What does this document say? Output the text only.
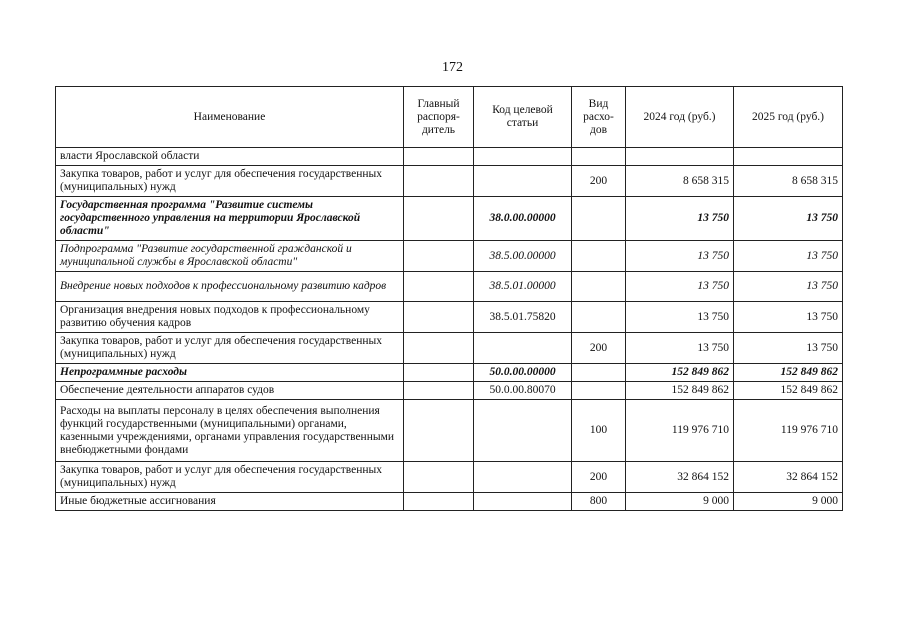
172
Наименование	Главный распоря-дитель	Код целевой статьи	Вид расхо-дов	2024 год (руб.)	2025 год (руб.)
власти Ярославской области					
Закупка товаров, работ и услуг для обеспечения государственных (муниципальных) нужд			200	8 658 315	8 658 315
Государственная программа "Развитие системы государственного управления на территории Ярославской области"		38.0.00.00000		13 750	13 750
Подпрограмма "Развитие государственной гражданской и муниципальной службы в Ярославской области"		38.5.00.00000		13 750	13 750
Внедрение новых подходов к профессиональному развитию кадров		38.5.01.00000		13 750	13 750
Организация внедрения новых подходов к профессиональному развитию обучения кадров		38.5.01.75820		13 750	13 750
Закупка товаров, работ и услуг для обеспечения государственных (муниципальных) нужд			200	13 750	13 750
Непрограммные расходы		50.0.00.00000		152 849 862	152 849 862
Обеспечение деятельности аппаратов судов		50.0.00.80070		152 849 862	152 849 862
Расходы на выплаты персоналу в целях обеспечения выполнения функций государственными (муниципальными) органами, казенными учреждениями, органами управления государственными внебюджетными фондами			100	119 976 710	119 976 710
Закупка товаров, работ и услуг для обеспечения государственных (муниципальных) нужд			200	32 864 152	32 864 152
Иные бюджетные ассигнования			800	9 000	9 000
